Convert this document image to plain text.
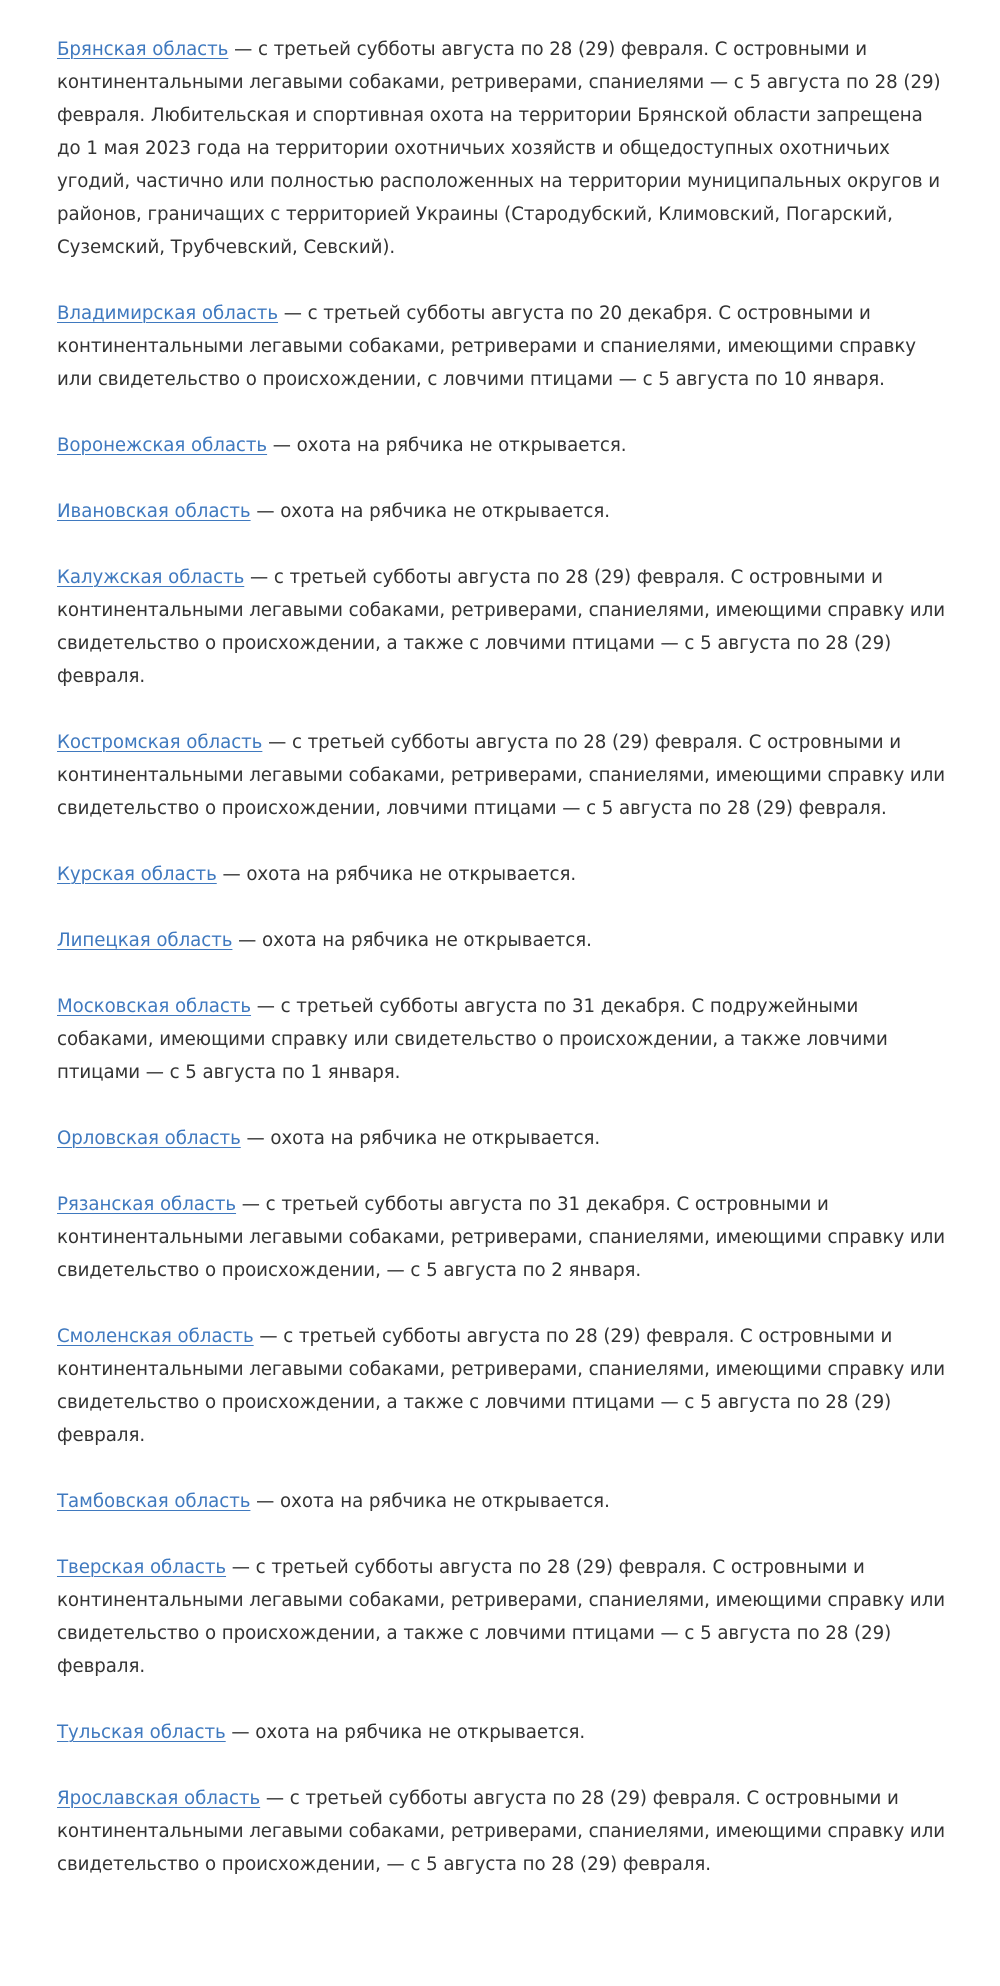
Брянская область — с третьей субботы августа по 28 (29) февраля. С островными и континентальными легавыми собаками, ретриверами, спаниелями — с 5 августа по 28 (29) февраля. Любительская и спортивная охота на территории Брянской области запрещена до 1 мая 2023 года на территории охотничьих хозяйств и общедоступных охотничьих угодий, частично или полностью расположенных на территории муниципальных округов и районов, граничащих с территорией Украины (Стародубский, Климовский, Погарский, Суземский, Трубчевский, Севский).

Владимирская область — с третьей субботы августа по 20 декабря. С островными и континентальными легавыми собаками, ретриверами и спаниелями, имеющими справку или свидетельство о происхождении, с ловчими птицами — с 5 августа по 10 января.

Воронежская область — охота на рябчика не открывается.

Ивановская область — охота на рябчика не открывается.

Калужская область — с третьей субботы августа по 28 (29) февраля. С островными и континентальными легавыми собаками, ретриверами, спаниелями, имеющими справку или свидетельство о происхождении, а также с ловчими птицами — с 5 августа по 28 (29) февраля.

Костромская область — с третьей субботы августа по 28 (29) февраля. С островными и континентальными легавыми собаками, ретриверами, спаниелями, имеющими справку или свидетельство о происхождении, ловчими птицами — с 5 августа по 28 (29) февраля.

Курская область — охота на рябчика не открывается.

Липецкая область — охота на рябчика не открывается.

Московская область — с третьей субботы августа по 31 декабря. С подружейными собаками, имеющими справку или свидетельство о происхождении, а также ловчими птицами — с 5 августа по 1 января.

Орловская область — охота на рябчика не открывается.

Рязанская область — с третьей субботы августа по 31 декабря. С островными и континентальными легавыми собаками, ретриверами, спаниелями, имеющими справку или свидетельство о происхождении, — с 5 августа по 2 января.

Смоленская область — с третьей субботы августа по 28 (29) февраля. С островными и континентальными легавыми собаками, ретриверами, спаниелями, имеющими справку или свидетельство о происхождении, а также с ловчими птицами — с 5 августа по 28 (29) февраля.

Тамбовская область — охота на рябчика не открывается.

Тверская область — с третьей субботы августа по 28 (29) февраля. С островными и континентальными легавыми собаками, ретриверами, спаниелями, имеющими справку или свидетельство о происхождении, а также с ловчими птицами — с 5 августа по 28 (29) февраля.

Тульская область — охота на рябчика не открывается.

Ярославская область — с третьей субботы августа по 28 (29) февраля. С островными и континентальными легавыми собаками, ретриверами, спаниелями, имеющими справку или свидетельство о происхождении, — с 5 августа по 28 (29) февраля.
